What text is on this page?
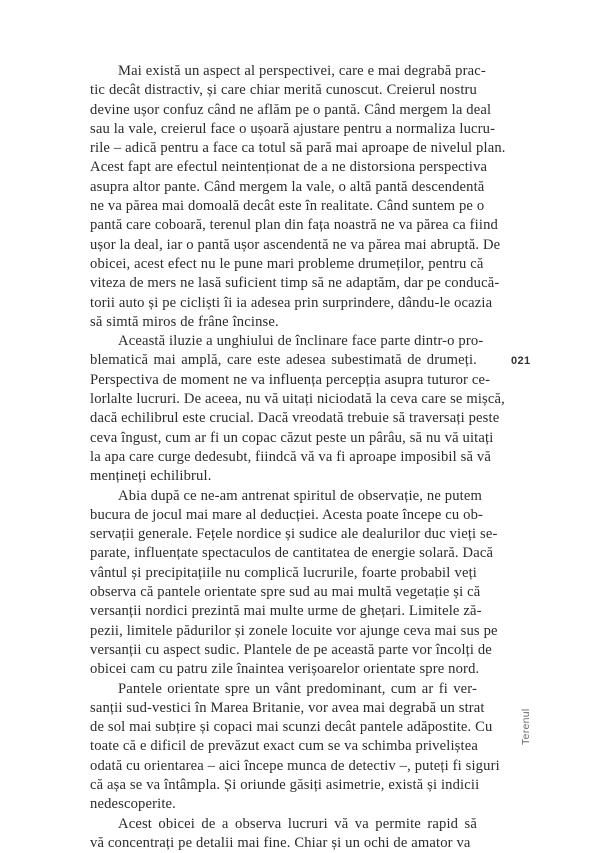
Mai există un aspect al perspectivei, care e mai degrabă prac-
tic decât distractiv, și care chiar merită cunoscut. Creierul nostru
devine ușor confuz când ne aflăm pe o pantă. Când mergem la deal
sau la vale, creierul face o ușoară ajustare pentru a normaliza lucru-
rile – adică pentru a face ca totul să pară mai aproape de nivelul plan.
Acest fapt are efectul neintenționat de a ne distorsiona perspectiva
asupra altor pante. Când mergem la vale, o altă pantă descendentă
ne va părea mai domoală decât este în realitate. Când suntem pe o
pantă care coboară, terenul plan din fața noastră ne va părea ca fiind
ușor la deal, iar o pantă ușor ascendentă ne va părea mai abruptă. De
obicei, acest efect nu le pune mari probleme drumeților, pentru că
viteza de mers ne lasă suficient timp să ne adaptăm, dar pe conducă-
torii auto și pe cicliști îi ia adesea prin surprindere, dându-le ocazia
să simtă miros de frâne încinse.

Această iluzie a unghiului de înclinare face parte dintr-o pro-
blematică mai amplă, care este adesea subestimată de drumeți.
Perspectiva de moment ne va influența percepția asupra tuturor ce-
lorlalte lucruri. De aceea, nu vă uitați niciodată la ceva care se mișcă,
dacă echilibrul este crucial. Dacă vreodată trebuie să traversați peste
ceva îngust, cum ar fi un copac căzut peste un pârâu, să nu vă uitați
la apa care curge dedesubt, fiindcă vă va fi aproape imposibil să vă
mențineți echilibrul.

Abia după ce ne-am antrenat spiritul de observație, ne putem
bucura de jocul mai mare al deducției. Acesta poate începe cu ob-
servații generale. Fețele nordice și sudice ale dealurilor duc vieți se-
parate, influențate spectaculos de cantitatea de energie solară. Dacă
vântul și precipitațiile nu complică lucrurile, foarte probabil veți
observa că pantele orientate spre sud au mai multă vegetație și că
versanții nordici prezintă mai multe urme de ghețari. Limitele ză-
pezii, limitele pădurilor și zonele locuite vor ajunge ceva mai sus pe
versanții cu aspect sudic. Plantele de pe această parte vor încolți de
obicei cam cu patru zile înaintea verișoarelor orientate spre nord.

Pantele orientate spre un vânt predominant, cum ar fi ver-
sanții sud-vestici în Marea Britanie, vor avea mai degrabă un strat
de sol mai subțire și copaci mai scunzi decât pantele adăpostite. Cu
toate că e dificil de prevăzut exact cum se va schimba priveliștea
odată cu orientarea – aici începe munca de detectiv –, puteți fi siguri
că așa se va întâmpla. Și oriunde găsiți asimetrie, există și indicii
nedescoperite.

Acest obicei de a observa lucruri vă va permite rapid să
vă concentrați pe detalii mai fine. Chiar și un ochi de amator va

021
Terenul
